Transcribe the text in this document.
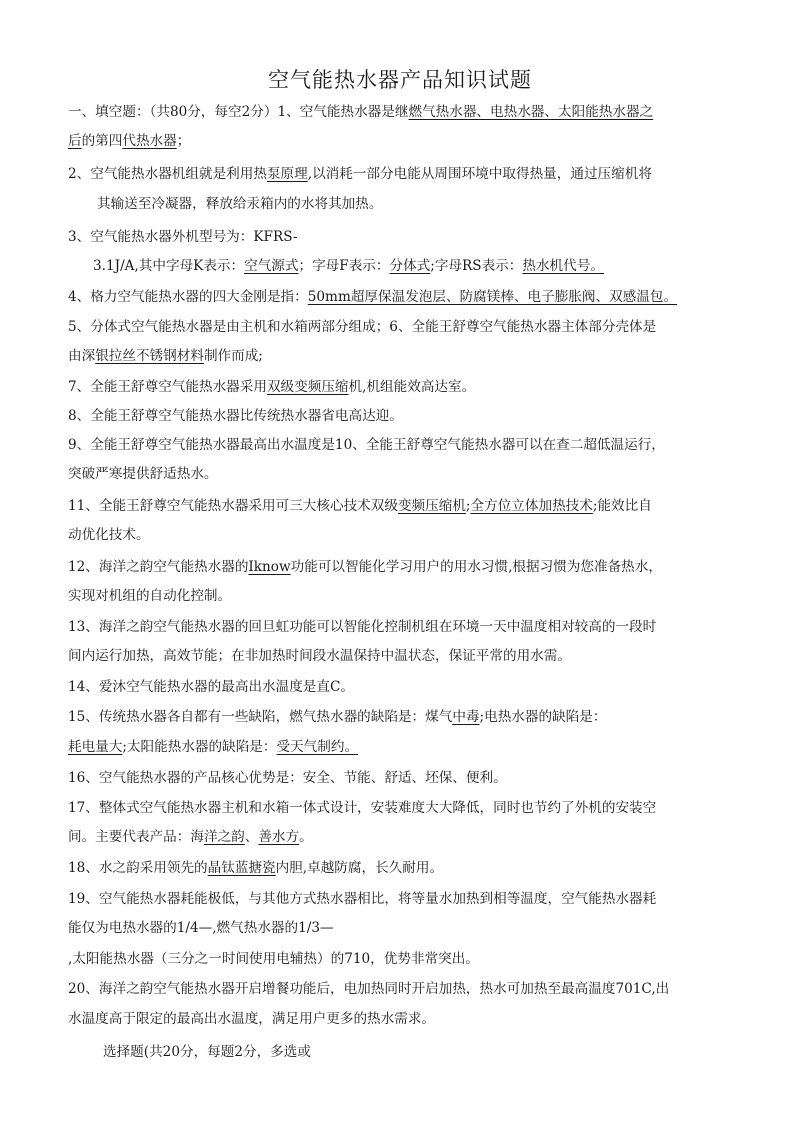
空气能热水器产品知识试题
一、填空题：（共80分，每空2分）1、空气能热水器是继燃气热水器、电热水器、太阳能热水器之
后的第四代热水器；
2、空气能热水器机组就是利用热泵原理,以消耗一部分电能从周围环境中取得热量，通过压缩机将
其输送至冷凝器，释放给汞箱内的水将其加热。
3、空气能热水器外机型号为：KFRS-
3.1J/A,其中字母K表示：空气源式；字母F表示：分体式;字母RS表示：热水机代号。
4、格力空气能热水器的四大金刚是指：50mm超厚保温发泡层、防腐镁棒、电子膨胀阀、双感温包。
5、分体式空气能热水器是由主机和水箱两部分组成；6、全能王舒尊空气能热水器主体部分壳体是
由深银拉丝不锈钢材料制作而成;
7、全能王舒尊空气能热水器采用双级变频压缩机,机组能效高达室。
8、全能王舒尊空气能热水器比传统热水器省电高达迎。
9、全能王舒尊空气能热水器最高出水温度是10、全能王舒尊空气能热水器可以在查二超低温运行，
突破严寒提供舒适热水。
11、全能王舒尊空气能热水器采用可三大核心技术双级变频压缩机;全方位立体加热技术;能效比自
动优化技术。
12、海洋之韵空气能热水器的Iknow功能可以智能化学习用户的用水习惯,根据习惯为您准备热水，
实现对机组的自动化控制。
13、海洋之韵空气能热水器的回旦虹功能可以智能化控制机组在环境一天中温度相对较高的一段时
间内运行加热，高效节能；在非加热时间段水温保持中温状态，保证平常的用水需。
14、爱沐空气能热水器的最高出水温度是直C。
15、传统热水器各自都有一些缺陷，燃气热水器的缺陷是：煤气中毒;电热水器的缺陷是：
耗电量大;太阳能热水器的缺陷是：受天气制约。
16、空气能热水器的产品核心优势是：安全、节能、舒适、坯保、便利。
17、整体式空气能热水器主机和水箱一体式设计，安装难度大大降低，同时也节约了外机的安装空
间。主要代表产品：海洋之韵、善水方。
18、水之韵采用领先的晶钛蓝搪瓷内胆,卓越防腐，长久耐用。
19、空气能热水器耗能极低，与其他方式热水器相比，将等量水加热到相等温度，空气能热水器耗
能仅为电热水器的1/4—,燃气热水器的1/3—
,太阳能热水器（三分之一时间使用电辅热）的710，优势非常突出。
20、海洋之韵空气能热水器开启增餐功能后，电加热同时开启加热，热水可加热至最高温度701C,出
水温度高于限定的最高出水温度，满足用户更多的热水需求。
选择题(共20分，每题2分，多选或
